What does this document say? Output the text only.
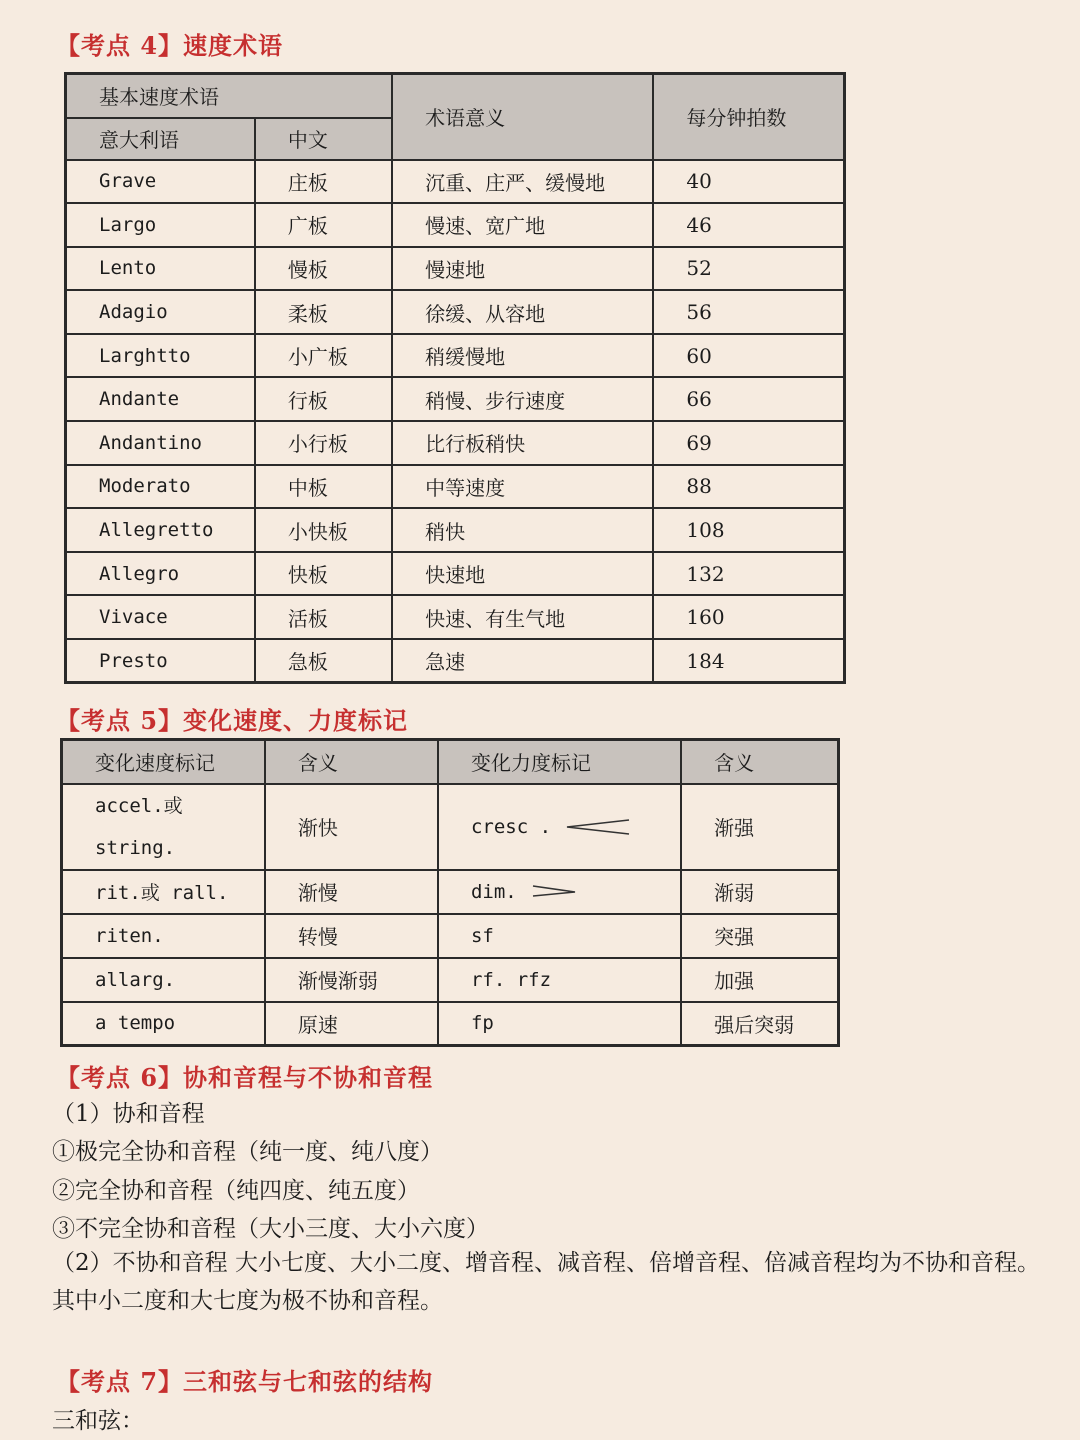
【考点 4】速度术语
基本速度术语		术语意义	每分钟拍数
意大利语	中文		
Grave	庄板	沉重、庄严、缓慢地	40
Largo	广板	慢速、宽广地	46
Lento	慢板	慢速地	52
Adagio	柔板	徐缓、从容地	56
Larghtto	小广板	稍缓慢地	60
Andante	行板	稍慢、步行速度	66
Andantino	小行板	比行板稍快	69
Moderato	中板	中等速度	88
Allegretto	小快板	稍快	108
Allegro	快板	快速地	132
Vivace	活板	快速、有生气地	160
Presto	急板	急速	184
【考点 5】变化速度、力度标记
变化速度标记	含义	变化力度标记	含义

accel.或
string.	渐快	cresc .	渐强

rit.或 rall.	渐慢	dim.	渐弱

riten.	转慢	sf	突强

allarg.	渐慢渐弱	rf. rfz	加强

a tempo	原速	fp	强后突弱
【考点 6】协和音程与不协和音程
（1）协和音程
①极完全协和音程（纯一度、纯八度）
②完全协和音程（纯四度、纯五度）
③不完全协和音程（大小三度、大小六度）
（2）不协和音程 大小七度、大小二度、增音程、减音程、倍增音程、倍减音程均为不协和音程。其中小二度和大七度为极不协和音程。
【考点 7】三和弦与七和弦的结构
三和弦：
